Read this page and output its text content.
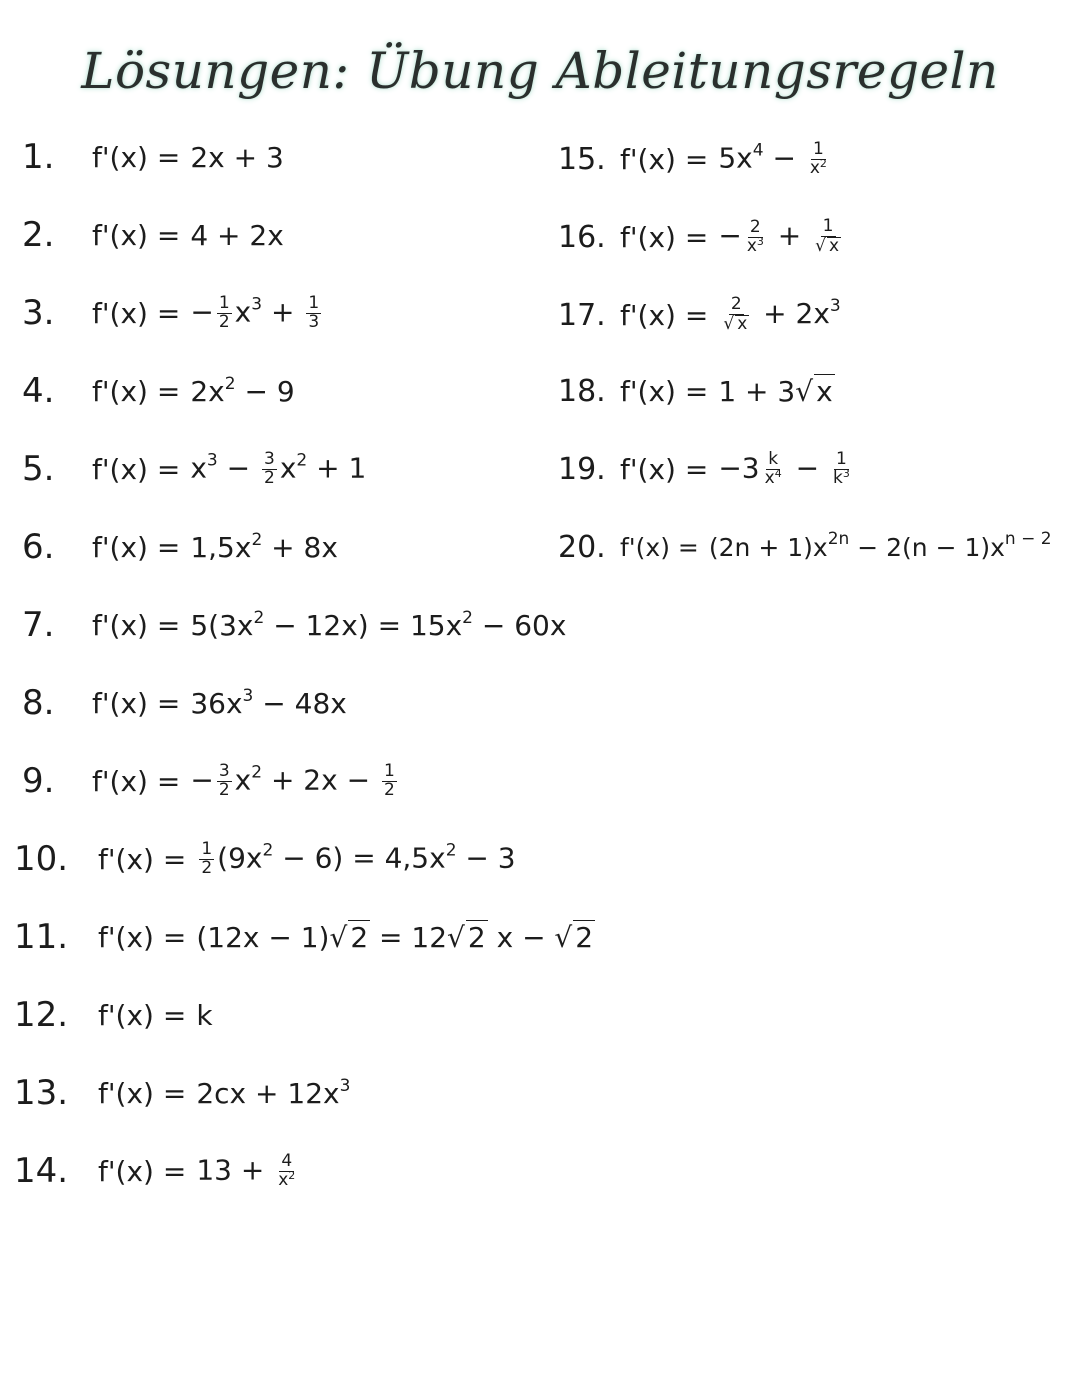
Lösungen: Übung Ableitungsregeln
1.	f'(x) = 2x + 3
2.	f'(x) = 4 + 2x
3.	f'(x) = − $\frac{1}{2} x^3 + \frac{1}{3}$
4.	$f'(x) = 2x^2 - 9$
5.	$f'(x) = x^3 - \frac{3}{2} x^2 + 1$
6.	$f'(x) = 1,5x^2 + 8x$
7.	$f'(x) = 5(3x^2 - 12x) = 15x^2 - 60x$
8.	$f'(x) = 36x^3 - 48x$
9.	f'(x) = − $\frac{3}{2} x^2 + 2x - \frac{1}{2}$
10.	$f'(x) = \frac{1}{2} (9x^2 - 6) = 4,5x^2 - 3$
11.	f'(x) = (12x − 1)√ 2 = 12√ 2 x − √ 2
12.	f'(x) = k
13.	$f'(x) = 2cx + 12x^3$
14.	$f'(x) = 13 + \frac{4}{x^2}$
15. $f'(x) = 5x^4 - \frac{1}{x^2}$
16. f'(x) = − $\frac{2}{x^3} + \frac{1}{√ x}$
17. $f'(x) = \frac{2}{√ x} + 2x^3$
18. f'(x) = 1 + 3√ x
19. $f'(x) = -3 \frac{k}{x^4} - \frac{1}{k^3}$
20. $f'(x) = (2n + 1)x^{2n} - 2(n - 1)x^{n - 2}$
